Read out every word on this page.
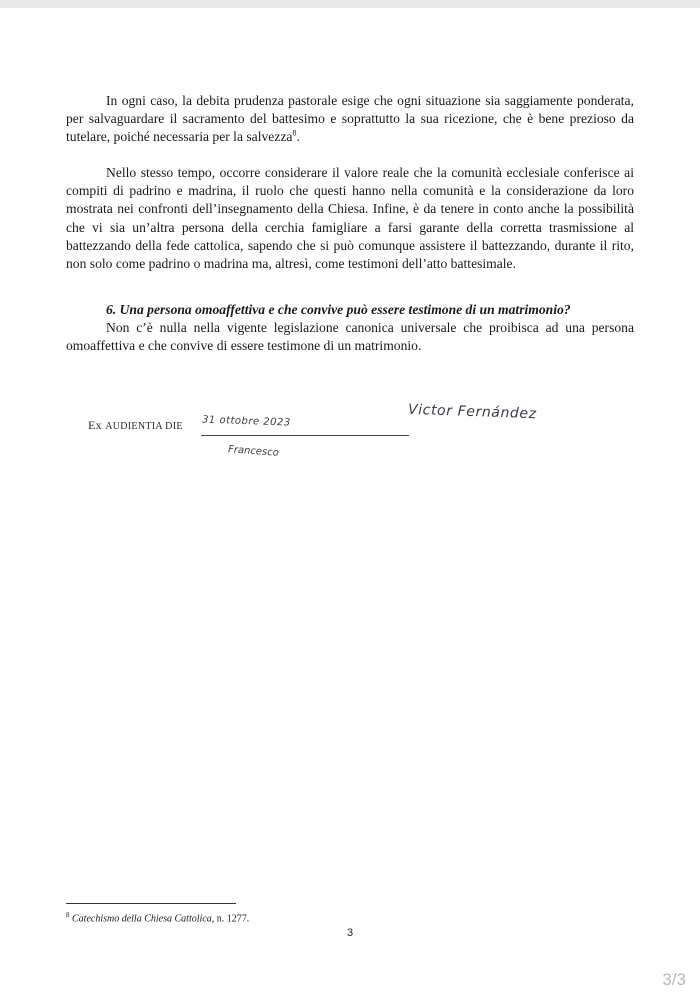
In ogni caso, la debita prudenza pastorale esige che ogni situazione sia saggiamente ponderata, per salvaguardare il sacramento del battesimo e soprattutto la sua ricezione, che è bene prezioso da tutelare, poiché necessaria per la salvezza$^8$.

Nello stesso tempo, occorre considerare il valore reale che la comunità ecclesiale conferisce ai compiti di padrino e madrina, il ruolo che questi hanno nella comunità e la considerazione da loro mostrata nei confronti dell’insegnamento della Chiesa. Infine, è da tenere in conto anche la possibilità che vi sia un’altra persona della cerchia famigliare a farsi garante della corretta trasmissione al battezzando della fede cattolica, sapendo che si può comunque assistere il battezzando, durante il rito, non solo come padrino o madrina ma, altresì, come testimoni dell’atto battesimale.

6. Una persona omoaffettiva e che convive può essere testimone di un matrimonio?

Non c’è nulla nella vigente legislazione canonica universale che proibisca ad una persona omoaffettiva e che convive di essere testimone di un matrimonio.

Ex AUDIENTIA DIE 31 ottobre 2023
Francesco
Victor Fernández

$^8$ Catechismo della Chiesa Cattolica, n. 1277.

3
3/3
